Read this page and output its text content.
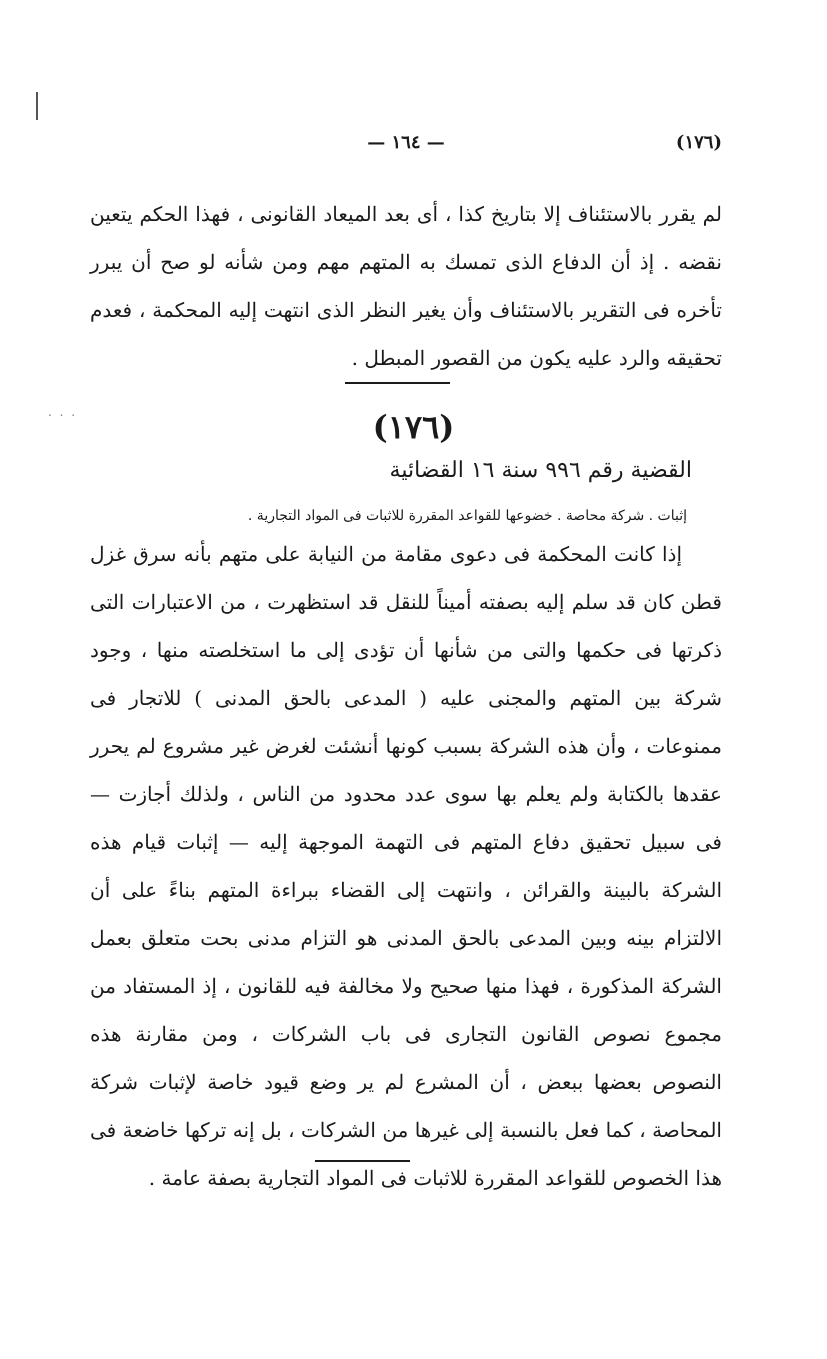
. . .
— ١٦٤ —	(١٧٦)
لم يقرر بالاستئناف إلا بتاريخ كذا ، أى بعد الميعاد القانونى ، فهذا الحكم يتعين نقضه . إذ أن الدفاع الذى تمسك به المتهم مهم ومن شأنه لو صح أن يبرر تأخره فى التقرير بالاستئناف وأن يغير النظر الذى انتهت إليه المحكمة ، فعدم تحقيقه والرد عليه يكون من القصور المبطل .
(١٧٦)
القضية رقم ٩٩٦ سنة ١٦ القضائية
إثبات . شركة محاصة . خضوعها للقواعد المقررة للاثبات فى المواد التجارية .
إذا كانت المحكمة فى دعوى مقامة من النيابة على متهم بأنه سرق غزل قطن كان قد سلم إليه بصفته أميناً للنقل قد استظهرت ، من الاعتبارات التى ذكرتها فى حكمها والتى من شأنها أن تؤدى إلى ما استخلصته منها ، وجود شركة بين المتهم والمجنى عليه ( المدعى بالحق المدنى ) للاتجار فى ممنوعات ، وأن هذه الشركة بسبب كونها أنشئت لغرض غير مشروع لم يحرر عقدها بالكتابة ولم يعلم بها سوى عدد محدود من الناس ، ولذلك أجازت — فى سبيل تحقيق دفاع المتهم فى التهمة الموجهة إليه — إثبات قيام هذه الشركة بالبينة والقرائن ، وانتهت إلى القضاء ببراءة المتهم بناءً على أن الالتزام بينه وبين المدعى بالحق المدنى هو التزام مدنى بحت متعلق بعمل الشركة المذكورة ، فهذا منها صحيح ولا مخالفة فيه للقانون ، إذ المستفاد من مجموع نصوص القانون التجارى فى باب الشركات ، ومن مقارنة هذه النصوص بعضها ببعض ، أن المشرع لم ير وضع قيود خاصة لإثبات شركة المحاصة ، كما فعل بالنسبة إلى غيرها من الشركات ، بل إنه تركها خاضعة فى هذا الخصوص للقواعد المقررة للاثبات فى المواد التجارية بصفة عامة .
